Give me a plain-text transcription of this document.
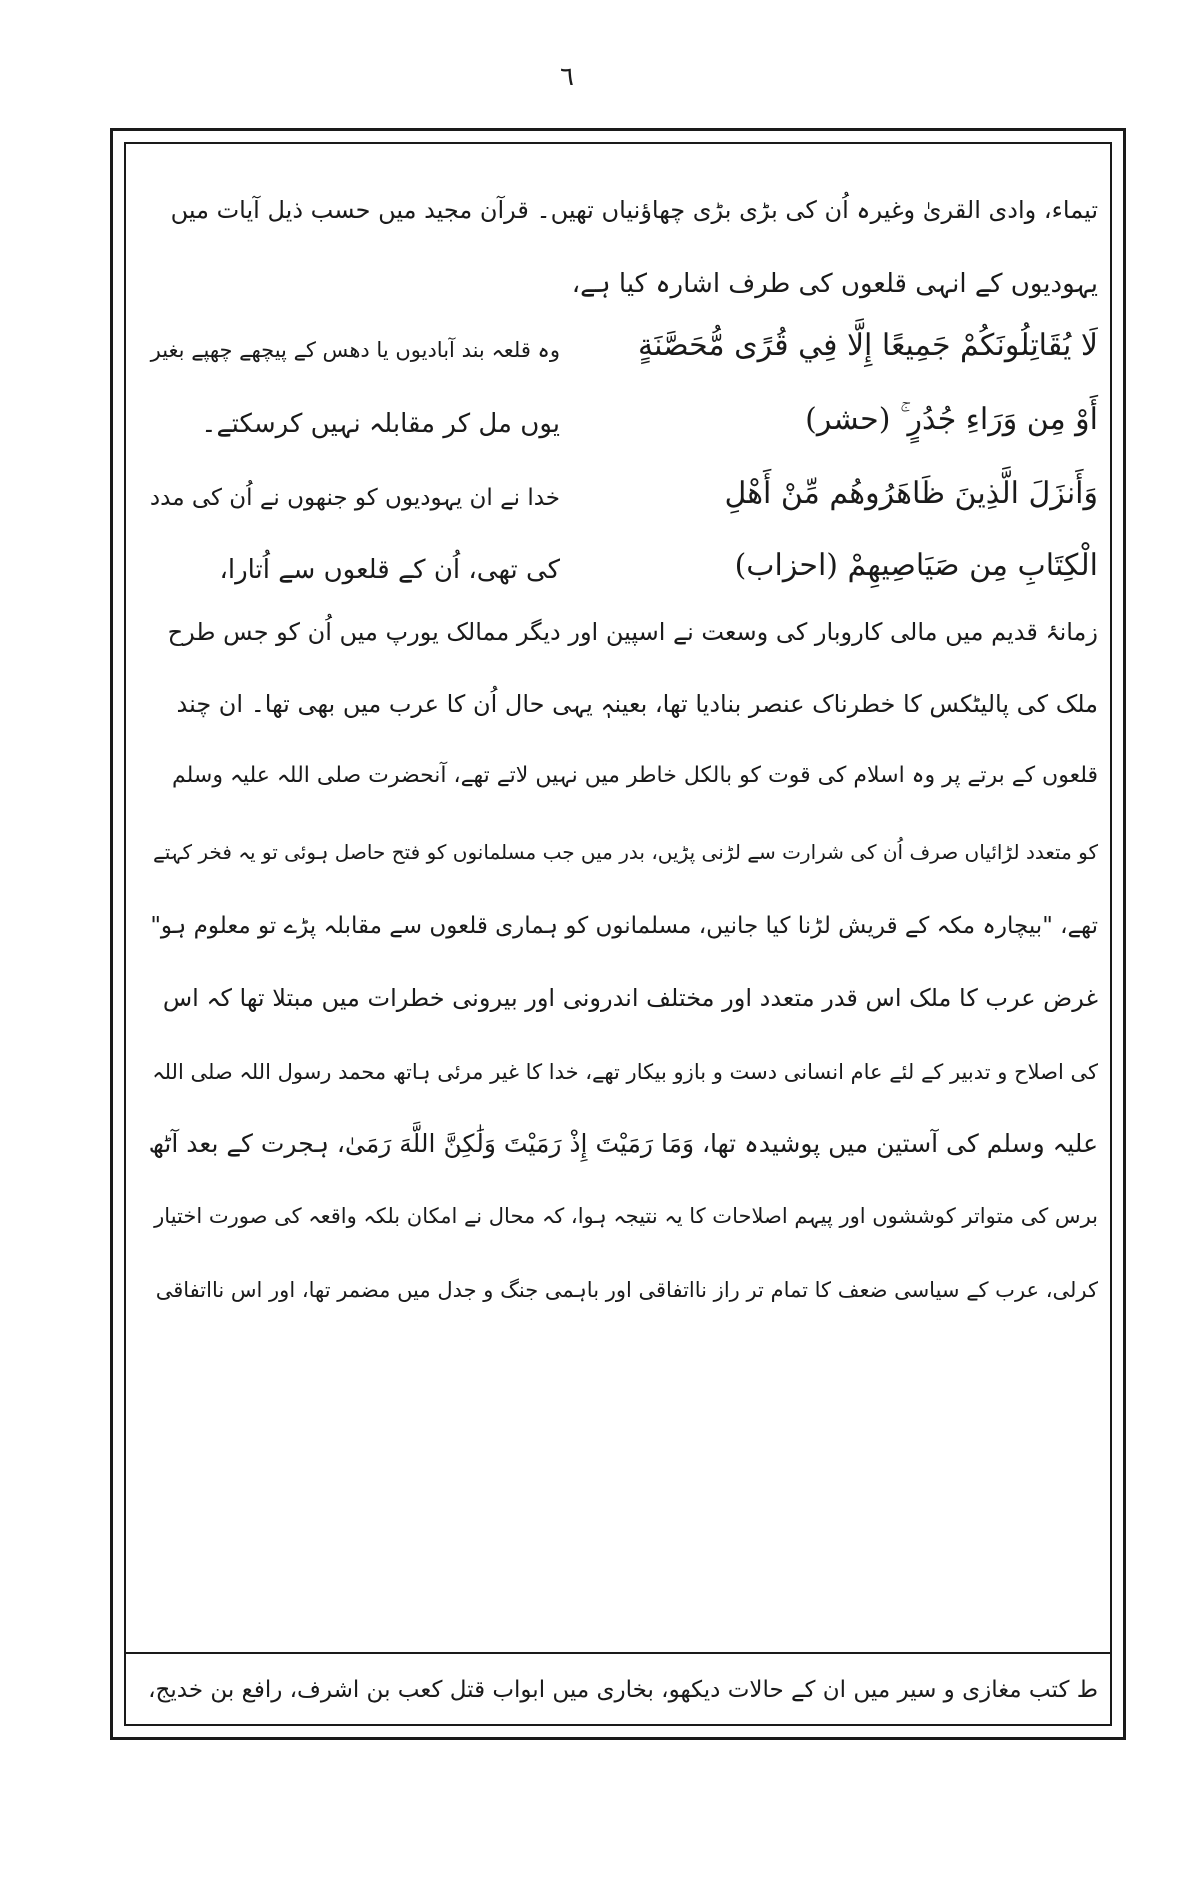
٦
تیماء، وادی القریٰ وغیرہ اُن کی بڑی بڑی چھاؤنیاں تھیں۔ قرآن مجید میں حسب ذیل آیات میں
یہودیوں کے انہی قلعوں کی طرف اشارہ کیا ہے،
لَا يُقَاتِلُونَكُمْ جَمِيعًا إِلَّا فِي قُرًى مُّحَصَّنَةٍ
وہ قلعہ بند آبادیوں یا دھس کے پیچھے چھپے بغیر
أَوْ مِن وَرَاءِ جُدُرٍ ۚ (حشر)
یوں مل کر مقابلہ نہیں کرسکتے۔
وَأَنزَلَ الَّذِينَ ظَاهَرُوهُم مِّنْ أَهْلِ
خدا نے ان یہودیوں کو جنھوں نے اُن کی مدد
الْكِتَابِ مِن صَيَاصِيهِمْ (احزاب)
کی تھی، اُن کے قلعوں سے اُتارا،
زمانۂ قدیم میں مالی کاروبار کی وسعت نے اسپین اور دیگر ممالک یورپ میں اُن کو جس طرح
ملک کی پالیٹکس کا خطرناک عنصر بنادیا تھا، بعینہٖ یہی حال اُن کا عرب میں بھی تھا۔ ان چند
قلعوں کے برتے پر وہ اسلام کی قوت کو بالکل خاطر میں نہیں لاتے تھے، آنحضرت صلی اللہ علیہ وسلم
کو متعدد لڑائیاں صرف اُن کی شرارت سے لڑنی پڑیں، بدر میں جب مسلمانوں کو فتح حاصل ہوئی تو یہ فخر کہتے
تھے، "بیچارہ مکہ کے قریش لڑنا کیا جانیں، مسلمانوں کو ہماری قلعوں سے مقابلہ پڑے تو معلوم ہو"
غرض عرب کا ملک اس قدر متعدد اور مختلف اندرونی اور بیرونی خطرات میں مبتلا تھا کہ اس
کی اصلاح و تدبیر کے لئے عام انسانی دست و بازو بیکار تھے، خدا کا غیر مرئی ہاتھ محمد رسول اللہ صلی اللہ
علیہ وسلم کی آستین میں پوشیدہ تھا، وَمَا رَمَيْتَ إِذْ رَمَيْتَ وَلَٰكِنَّ اللَّهَ رَمَىٰ، ہجرت کے بعد آٹھ
برس کی متواتر کوششوں اور پیہم اصلاحات کا یہ نتیجہ ہوا، کہ محال نے امکان بلکہ واقعہ کی صورت اختیار
کرلی، عرب کے سیاسی ضعف کا تمام تر راز نااتفاقی اور باہمی جنگ و جدل میں مضمر تھا، اور اس نااتفاقی
ط کتب مغازی و سیر میں ان کے حالات دیکھو، بخاری میں ابواب قتل کعب بن اشرف، رافع بن خدیج،
